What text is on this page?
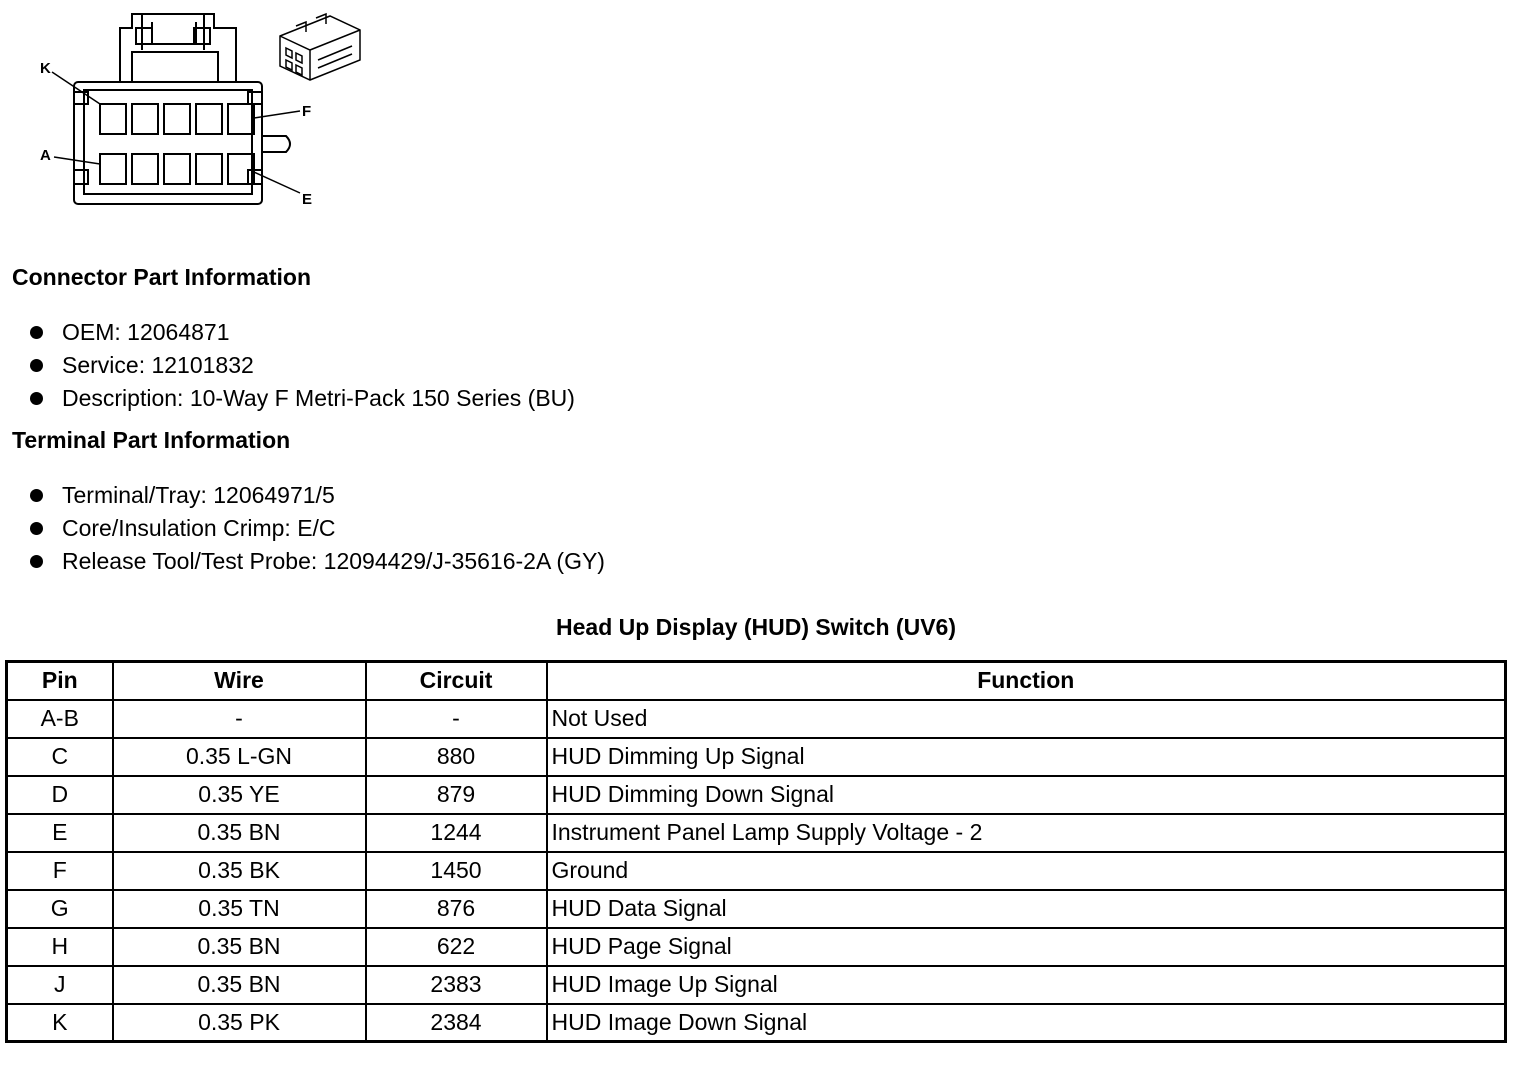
K
A
F
E
Connector Part Information
OEM: 12064871
Service: 12101832
Description: 10-Way F Metri-Pack 150 Series (BU)
Terminal Part Information
Terminal/Tray: 12064971/5
Core/Insulation Crimp: E/C
Release Tool/Test Probe: 12094429/J-35616-2A (GY)
Head Up Display (HUD) Switch (UV6)
Pin	Wire	Circuit	Function
A-B	-	-	Not Used
C	0.35 L-GN	880	HUD Dimming Up Signal
D	0.35 YE	879	HUD Dimming Down Signal
E	0.35 BN	1244	Instrument Panel Lamp Supply Voltage - 2
F	0.35 BK	1450	Ground
G	0.35 TN	876	HUD Data Signal
H	0.35 BN	622	HUD Page Signal
J	0.35 BN	2383	HUD Image Up Signal
K	0.35 PK	2384	HUD Image Down Signal
